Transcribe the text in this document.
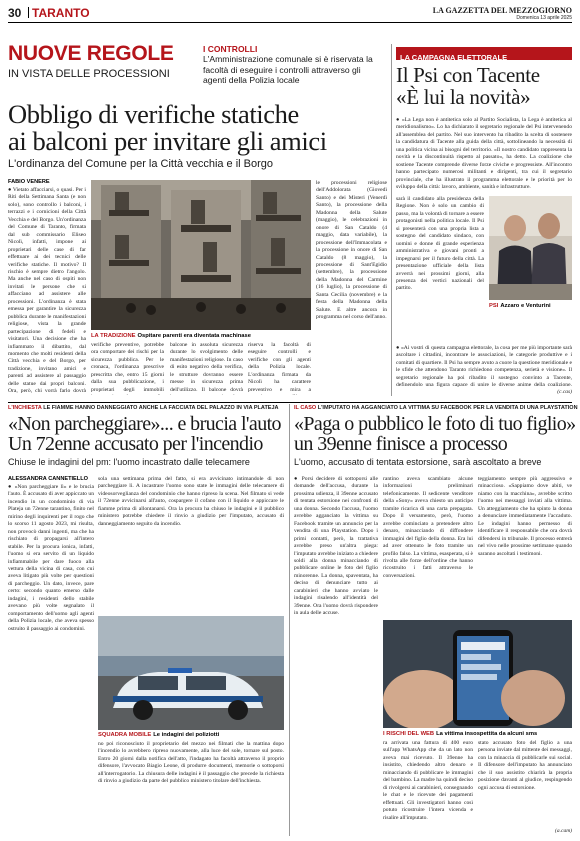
30 TARANTO	LA GAZZETTA DEL MEZZOGIORNO
Domenica 13 aprile 2025
NUOVE REGOLE
IN VISTA DELLE PROCESSIONI
I CONTROLLI
L'Amministrazione comunale si è riservata la facoltà di eseguire i controlli attraverso gli agenti della Polizia locale
Obbligo di verifiche statiche
ai balconi per invitare gli amici
L'ordinanza del Comune per la Città vecchia e il Borgo
FABIO VENERE
LA TRADIZIONE Ospitare parenti era diventata machinase

● Vietato affacciarsi, o quasi. Per i Riti della Settimana Santa (e non solo), sono controllo i balconi, i terrazzi e i cornicioni della Città Vecchia e del Borgo. Un'ordinanza del Comune di Taranto, firmata dal sub commissario Eliseo Nicolì, infatti, impone ai proprietari delle case di far effettuare ai dei tecnici delle verifiche statiche. Il motivo? Il rischio è sempre dietro l'angolo. Ma anche nel caso di ospiti non invitati le persone che si affacciano ad assistere alle processioni. L'ordinanza è stata emessa per garantire la sicurezza pubblica durante le manifestazioni religiose, vista la grande partecipazione di fedeli e visitatori. Una decisione che ha infiammato il dibattito, dal momento che molti residenti della Città vecchia e del Borgo, per tradizione, invitano amici e parenti ad assistere al passaggio delle statue dai propri balconi. Ora, però, chi vorrà farlo dovrà

verifiche preventive, potrebbe ora comportare dei rischi per la sicurezza pubblica. Per le cronaca, l'ordinanza prescrive prescritta che, entro 15 giorni dalla sua pubblicazione, i proprietari degli immobili

balcone in assoluta sicurezza durante lo svolgimento delle manifestazioni religiose. In caso di esito negativo della verifica, le strutture dovranno essere messe in sicurezza prima dell'utilizzo. Il balcone dovrà

riserva la facoltà di eseguire controlli e verifiche con gli agenti della Polizia locale. L'ordinanza firmata da Nicolì ha carattere preventivo e mira a

le processioni religiose dell'Addolorata (Giovedì Santo) e dei Misteri (Venerdì Santo), la processione della Madonna della Salute (maggio), le celebrazioni in onore di San Cataldo (4 maggio, data variabile), la processione dell'Immacolata e la processione in onore di San Cataldo (8 maggio), la processione di Sant'Egidio (settembre), la processione della Madonna del Carmine (16 luglio), la processione di Santa Cecilia (novembre) e la festa della Madonna della Salute. E altre ancora in programma nel corso dell'anno.

LA CAMPAGNA ELETTORALE
Il Psi con Tacente
«È lui la novità»

● «La Lega non è antitetica solo al Partito Socialista, la Lega è antitetica al meridionalismo». Lo ha dichiarato il segretario regionale del Psi intervenendo all'assemblea del partito. Nel suo intervento ha ribadito la scelta di sostenere la candidatura di Tacente alla guida della città, sottolineando la necessità di una politica vicina ai bisogni del territorio. «Il nostro candidato rappresenta la novità e la discontinuità rispetto al passato», ha detto. La coalizione che sostiene Tacente comprende diverse forze civiche e progressiste. All'incontro hanno partecipato numerosi militanti e dirigenti, tra cui il segretario provinciale, che ha illustrato il programma elettorale e le priorità per lo sviluppo della città: lavoro, ambiente, sanità e infrastrutture.

sarà il candidato alla presidenza della Regione. Non è solo un cambio di passo, ma la volontà di tornare a essere protagonisti nella politica locale. Il Psi si presenterà con una propria lista a sostegno del candidato sindaco, con uomini e donne di grande esperienza amministrativa e giovani pronti a impegnarsi per il futuro della città. La presentazione ufficiale della lista avverrà nei prossimi giorni, alla presenza dei vertici nazionali del partito.

PSI Azzaro e Venturini

● «Ai vostri di questa campagna elettorale, la cosa per me più importante sarà ascoltare i cittadini, incontrare le associazioni, le categorie produttive e i comitati di quartiere. Il Psi ha sempre avuto a cuore la questione meridionale e le sfide che attendono Taranto richiedono competenza, serietà e visione». Il segretario regionale ha poi ribadito il sostegno convinto a Tacente, definendolo una figura capace di unire le diverse anime della coalizione.

(c.cas)
L'INCHIESTA LE FIAMME HANNO DANNEGGIATO ANCHE LA FACCIATA DEL PALAZZO IN VIA PLATEJA
«Non parcheggiare»... e brucia l'auto
Un 72enne accusato per l'incendio
Chiuse le indagini del pm: l'uomo incastrato dalle telecamere
IL CASO L'IMPUTATO HA AGGANCIATO LA VITTIMA SU FACEBOOK PER LA VENDITA DI UNA PLAYSTATION
«Paga o pubblico le foto di tuo figlio»
un 39enne finisce a processo
L'uomo, accusato di tentata estorsione, sarà ascoltato a breve
ALESSANDRA CANNETIELLO

● «Non parcheggiare lì» e le brucia l'auto. È accusato di aver appiccato un incendio in un condominio di via Plateja un 72enne tarantino, finito nel mirino degli inquirenti per il rogo che lo scorso 11 agosto 2023, mi risulta, non provocò danni ingenti, ma che ha rischiato di propagarsi all'intero stabile. Per la procura ionica, infatti, l'uomo si era servito di un liquido infiammabile per dare fuoco alla vettura della vicina di casa, con cui aveva litigato più volte per questioni di parcheggio. Un dato, invece, pare certo: secondo quanto emerso dalle indagini, i residenti dello stabile avevano più volte segnalato il comportamento dell'uomo agli agenti della Polizia locale, che aveva spesso ostruito il passaggio ai condomini.

sola una settimana prima del fatto, si era avvicinato intimandole di non parcheggiare lì. A incastrare l'uomo sono state le immagini delle telecamere di videosorveglianza del condominio che hanno ripreso la scena. Nel filmato si vede il 72enne avvicinarsi all'auto, cospargere il cofano con il liquido e appiccare le fiamme prima di allontanarsi. Ora la procura ha chiuso le indagini e il pubblico ministero potrebbe chiedere il rinvio a giudizio per l'imputato, accusato di danneggiamento seguito da incendio.

SQUADRA MOBILE Le indagini dei poliziotti

no poi riconosciuto il proprietario del mezzo nei filmati che la mattina dopo l'incendio lo avrebbero ripreso nuovamente, alla luce del sole, tornare sul posto. Entro 20 giorni dalla notifica dell'atto, l'indagato ha facoltà attraverso il proprio difensore, l'avvocato Biagio Leone, di produrre documenti, memorie o sottoporsi all'interrogatorio. La chiusura delle indagini è il passaggio che precede la richiesta di rinvio a giudizio da parte del pubblico ministero titolare dell'inchiesta.

● Porsi decidere di sottoporsi alle domande dell'accusa, durante la prossima udienza, il 39enne accusato di tentata estorsione nei confronti di una donna. Secondo l'accusa, l'uomo avrebbe agganciato la vittima su Facebook tramite un annuncio per la vendita di una Playstation. Dopo i primi contatti, però, la trattativa avrebbe preso un'altra piega: l'imputato avrebbe iniziato a chiedere soldi alla donna minacciando di pubblicare online le foto del figlio minorenne. La donna, spaventata, ha deciso di denunciare tutto ai carabinieri che hanno avviato le indagini risalendo all'identità del 39enne. Ora l'uomo dovrà rispondere in aula delle accuse.

rantino aveva scambiato alcune informazioni preliminari telefonicamente. Il sedicente venditore della «Sony» aveva chiesto un anticipo tramite ricarica di una carta prepagata. Dopo il versamento, però, l'uomo avrebbe cominciato a pretendere altro denaro, minacciando di diffondere immagini del figlio della donna. Era lui ad aver ottenuto le foto tramite un profilo falso. La vittima, esasperata, si è rivolta alle forze dell'ordine che hanno ricostruito i fatti attraverso le conversazioni.

teggiamento sempre più aggressivo e minaccioso. «Sappiamo dove abiti, ve niamo con la macchina», avrebbe scritto l'uomo nei messaggi inviati alla vittima. Un atteggiamento che ha spinto la donna a denunciare immediatamente l'accaduto. Le indagini hanno permesso di identificare il responsabile che ora dovrà difendersi in tribunale. Il processo entrerà nel vivo nelle prossime settimane quando saranno ascoltati i testimoni.

I RISCHI DEL WEB La vittima insospettita da alcuni sms

ra arrivata una fattura di 400 euro sull'app WhatsApp che da un lato non aveva mai ricevuto. Il 39enne ha insistito, chiedendo altro denaro e minacciando di pubblicare le immagini del bambino. La madre ha quindi deciso di rivolgersi ai carabinieri, consegnando le chat e le ricevute dei pagamenti effettuati. Gli investigatori hanno così potuto ricostruire l'intera vicenda e risalire all'imputato.

stato accusato foto del figlio a una persona inviate dal mittente dei messaggi, con la minaccia di pubblicarle sui social. Il difensore dell'imputato ha annunciato che il suo assistito chiarirà la propria posizione davanti al giudice, respingendo ogni accusa di estorsione.

(a.cam)
